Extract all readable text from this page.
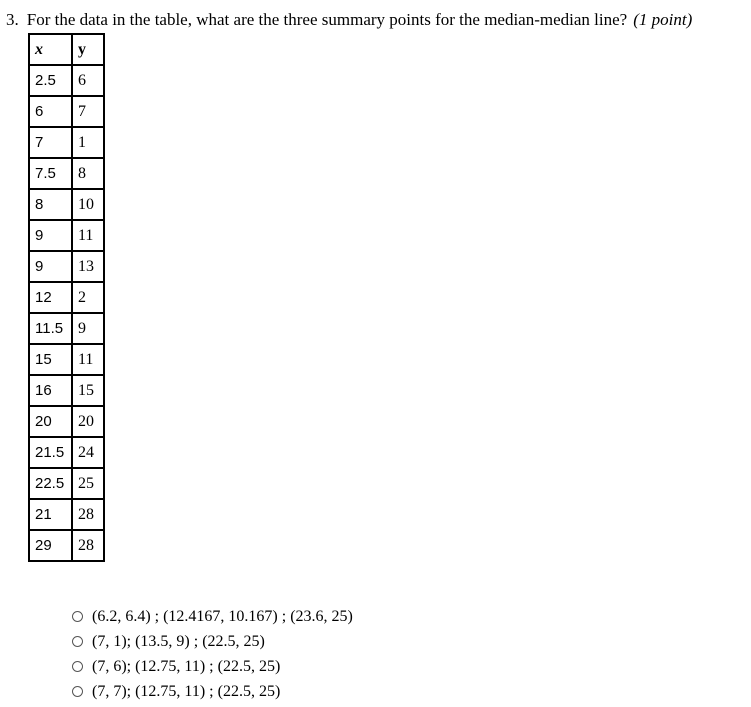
3. For the data in the table, what are the three summary points for the median-median line? (1 point)
x	y
2.5	6
6	7
7	1
7.5	8
8	10
9	11
9	13
12	2
11.5	9
15	11
16	15
20	20
21.5	24
22.5	25
21	28
29	28
(6.2, 6.4) ; (12.4167, 10.167) ; (23.6, 25)
(7, 1); (13.5, 9) ; (22.5, 25)
(7, 6); (12.75, 11) ; (22.5, 25)
(7, 7); (12.75, 11) ; (22.5, 25)
